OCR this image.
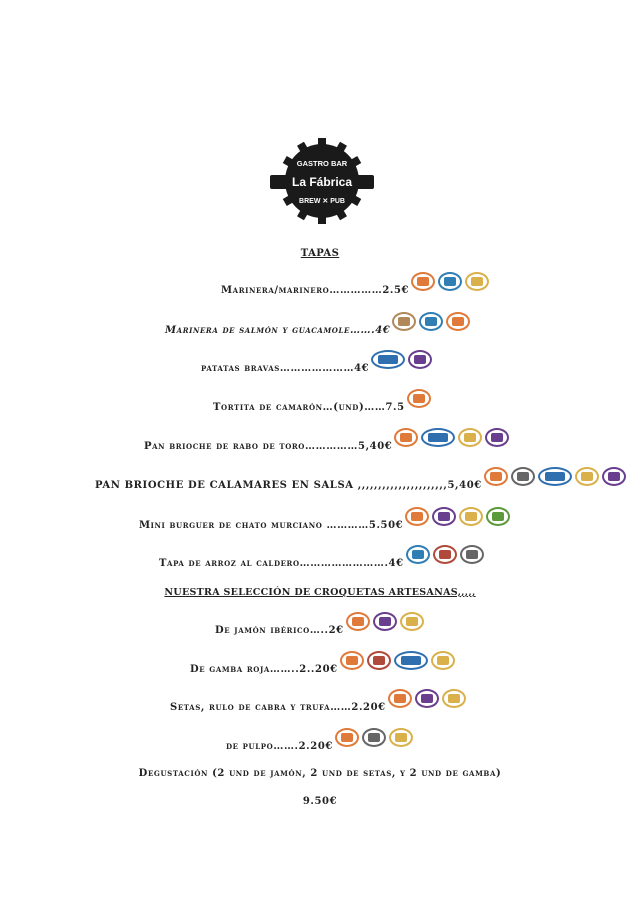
GASTRO BAR
La Fábrica
BREW ✕ PUB
TAPAS
Marinera/marinero……………2.5€
Marinera de salmón y guacamole…….4€
patatas bravas…………………4€
Tortita de camarón…(und)……7.5
Pan brioche de rabo de toro……………5,40€
PAN BRIOCHE DE CALAMARES EN SALSA ,,,,,,,,,,,,,,,,,,,,,,5,40€
Mini burguer de chato murciano …………5.50€
Tapa de arroz al caldero…………………….4€
NUESTRA SELECCIÓN DE CROQUETAS ARTESANAS,,,,,
De jamón ibérico…..2€
De gamba roja……..2..20€
Setas, rulo de cabra y trufa……2.20€
de pulpo…….2.20€
Degustación (2 und de jamón, 2 und de setas, y 2 und de gamba)
9.50€
